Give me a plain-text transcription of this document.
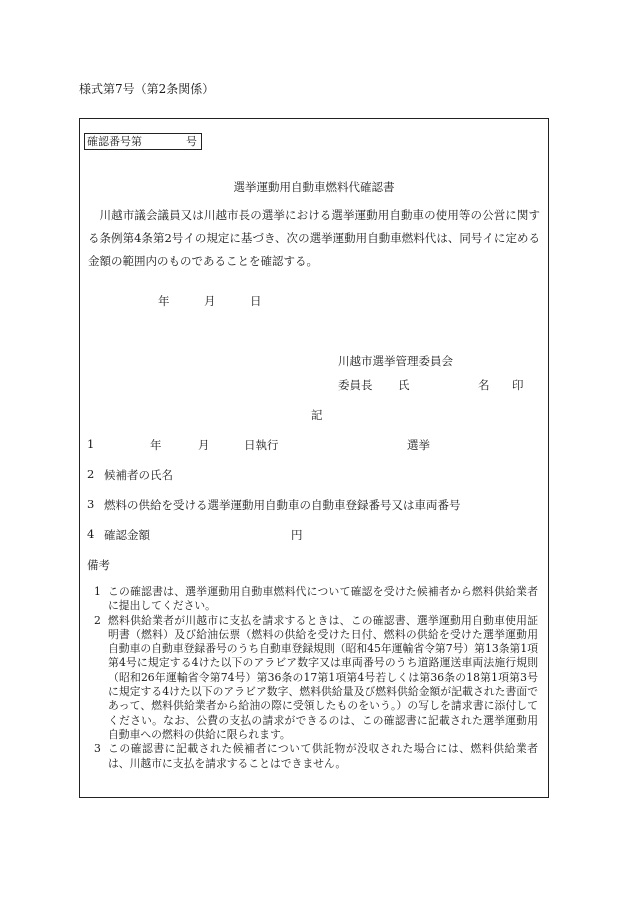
様式第7号（第2条関係）
確認番号第	号
選挙運動用自動車燃料代確認書
川越市議会議員又は川越市長の選挙における選挙運動用自動車の使用等の公営に関する条例第4条第2号イの規定に基づき、次の選挙運動用自動車燃料代は、同号イに定める金額の範囲内のものであることを確認する。
年	月	日
川越市選挙管理委員会
委員長 氏	名 印
記
1	年	月	日執行	選挙
2 候補者の氏名
3 燃料の供給を受ける選挙運動用自動車の自動車登録番号又は車両番号
4 確認金額	円
備考
1 この確認書は、選挙運動用自動車燃料代について確認を受けた候補者から燃料供給業者に提出してください。
2 燃料供給業者が川越市に支払を請求するときは、この確認書、選挙運動用自動車使用証明書（燃料）及び給油伝票（燃料の供給を受けた日付、燃料の供給を受けた選挙運動用自動車の自動車登録番号のうち自動車登録規則（昭和45年運輸省令第7号）第13条第1項第4号に規定する4けた以下のアラビア数字又は車両番号のうち道路運送車両法施行規則（昭和26年運輸省令第74号）第36条の17第1項第4号若しくは第36条の18第1項第3号に規定する4けた以下のアラビア数字、燃料供給量及び燃料供給金額が記載された書面であって、燃料供給業者から給油の際に受領したものをいう。）の写しを請求書に添付してください。なお、公費の支払の請求ができるのは、この確認書に記載された選挙運動用自動車への燃料の供給に限られます。
3 この確認書に記載された候補者について供託物が没収された場合には、燃料供給業者は、川越市に支払を請求することはできません。
